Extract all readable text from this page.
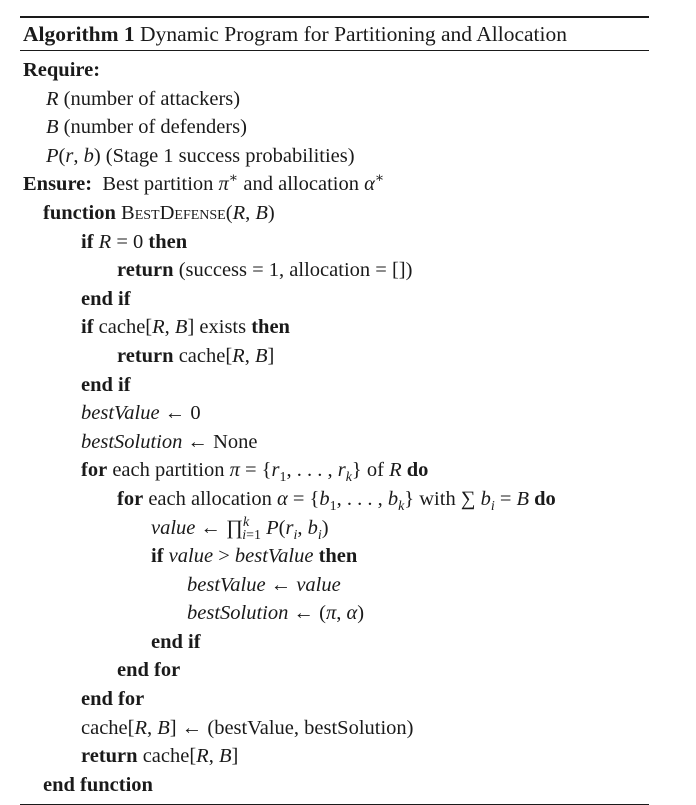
Algorithm 1 Dynamic Program for Partitioning and Allocation
Require:
R (number of attackers)
B (number of defenders)
P(r, b) (Stage 1 success probabilities)
Ensure: Best partition π∗ and allocation α∗
function BestDefense(R, B)
if R = 0 then
return (success = 1, allocation = [])
end if
if cache[R, B] exists then
return cache[R, B]
end if
bestValue ← 0
bestSolution ← None
for each partition $\pi = \{r_1$, . . . , $r_k$} of R do
for each allocation $\alpha = \{b_1$, . . . , $b_k$} with ∑ $b_i = B$ do
value ← ∏$^k_{i=1}$ $P(r_i$, $b_i$)
if value > bestValue then
bestValue ← value
bestSolution ← (π, α)
end if
end for
end for
cache[R, B] ← (bestValue, bestSolution)
return cache[R, B]
end function
